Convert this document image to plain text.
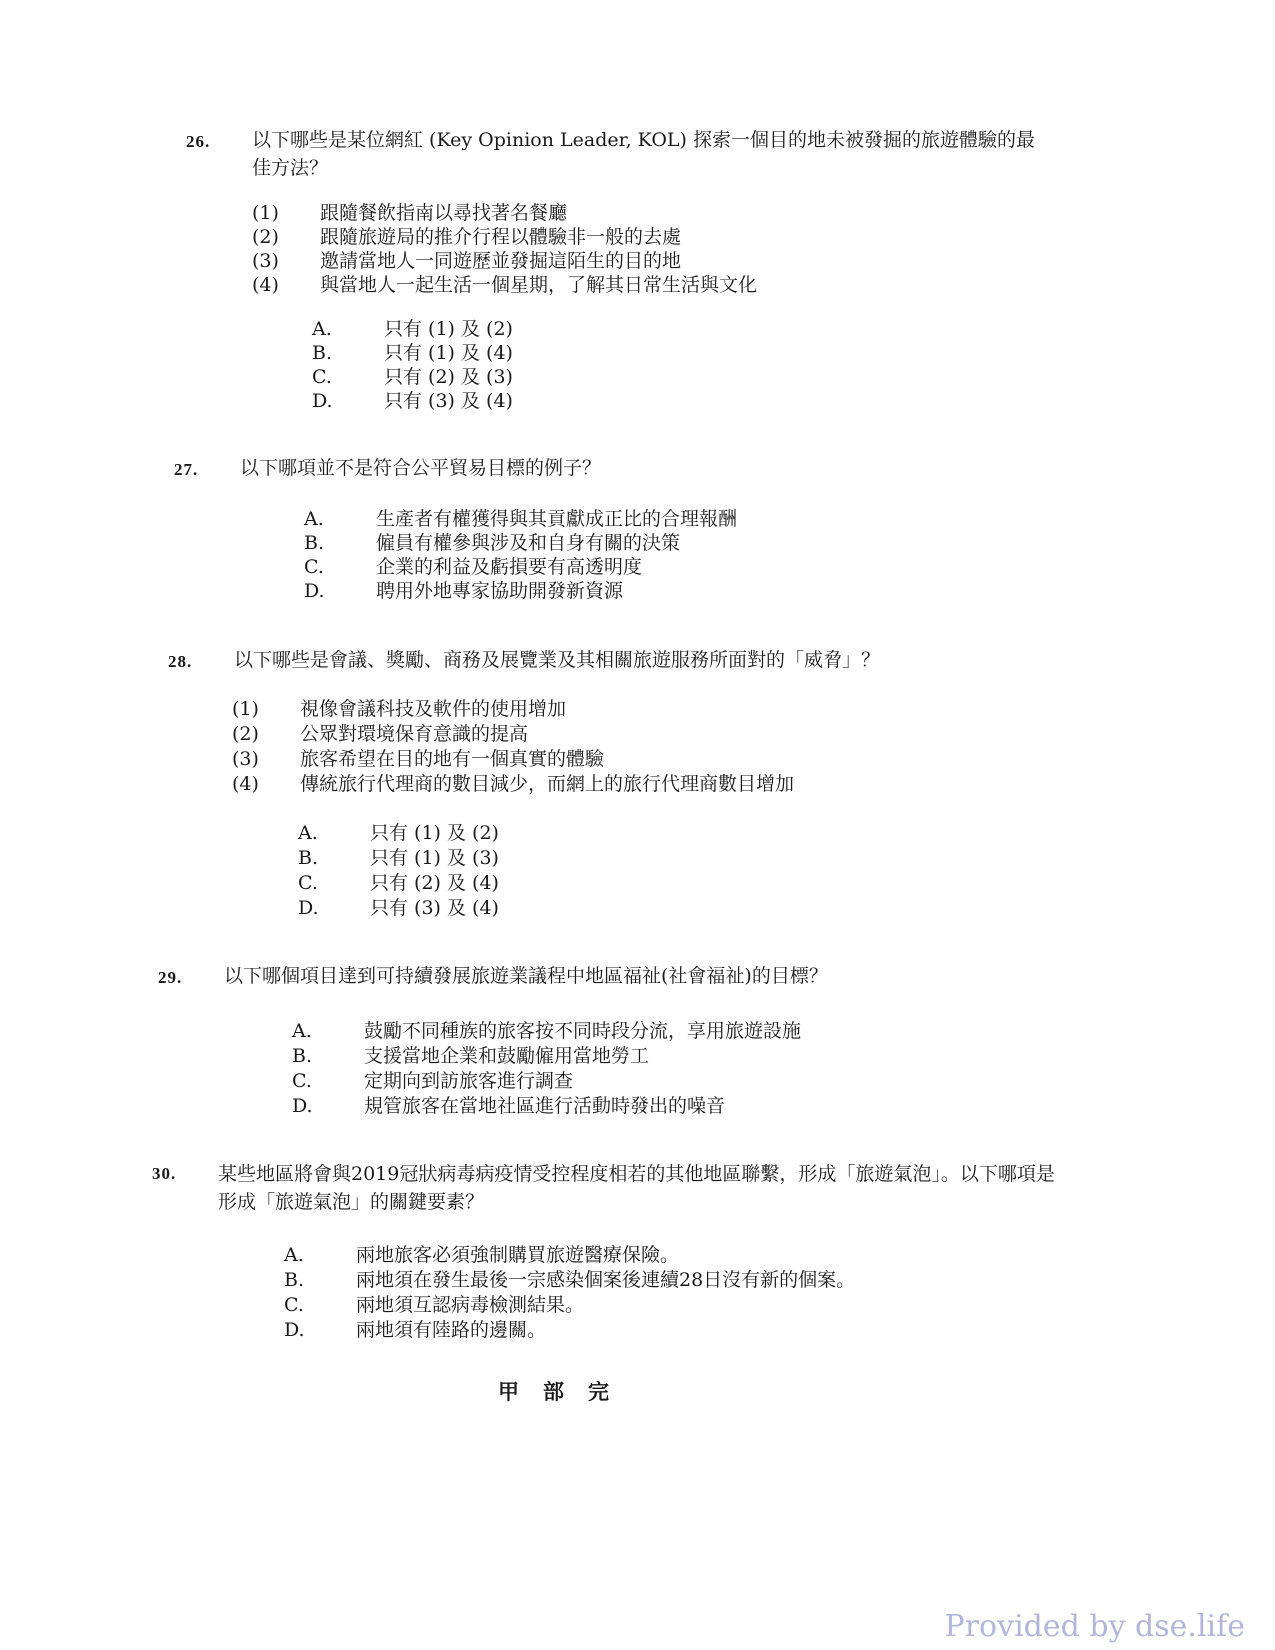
26. 以下哪些是某位網紅 (Key Opinion Leader, KOL) 探索一個目的地未被發掘的旅遊體驗的最佳方法？
(1) 跟隨餐飲指南以尋找著名餐廳
(2) 跟隨旅遊局的推介行程以體驗非一般的去處
(3) 邀請當地人一同遊歷並發掘這陌生的目的地
(4) 與當地人一起生活一個星期，了解其日常生活與文化
A.	只有 (1) 及 (2)
B.	只有 (1) 及 (4)
C.	只有 (2) 及 (3)
D.	只有 (3) 及 (4)
27. 以下哪項並不是符合公平貿易目標的例子？
A.	生產者有權獲得與其貢獻成正比的合理報酬
B.	僱員有權參與涉及和自身有關的決策
C.	企業的利益及虧損要有高透明度
D.	聘用外地專家協助開發新資源
28. 以下哪些是會議、獎勵、商務及展覽業及其相關旅遊服務所面對的「威脅」？
(1) 視像會議科技及軟件的使用增加
(2) 公眾對環境保育意識的提高
(3) 旅客希望在目的地有一個真實的體驗
(4) 傳統旅行代理商的數目減少，而網上的旅行代理商數目增加
A.	只有 (1) 及 (2)
B.	只有 (1) 及 (3)
C.	只有 (2) 及 (4)
D.	只有 (3) 及 (4)
29. 以下哪個項目達到可持續發展旅遊業議程中地區福祉(社會福祉)的目標？
A.	鼓勵不同種族的旅客按不同時段分流，享用旅遊設施
B.	支援當地企業和鼓勵僱用當地勞工
C.	定期向到訪旅客進行調查
D.	規管旅客在當地社區進行活動時發出的噪音
30. 某些地區將會與2019冠狀病毒病疫情受控程度相若的其他地區聯繫，形成「旅遊氣泡」。以下哪項是形成「旅遊氣泡」的關鍵要素？
A.	兩地旅客必須強制購買旅遊醫療保險。
B.	兩地須在發生最後一宗感染個案後連續28日沒有新的個案。
C.	兩地須互認病毒檢測結果。
D.	兩地須有陸路的邊關。
甲部完
Provided by dse.life
